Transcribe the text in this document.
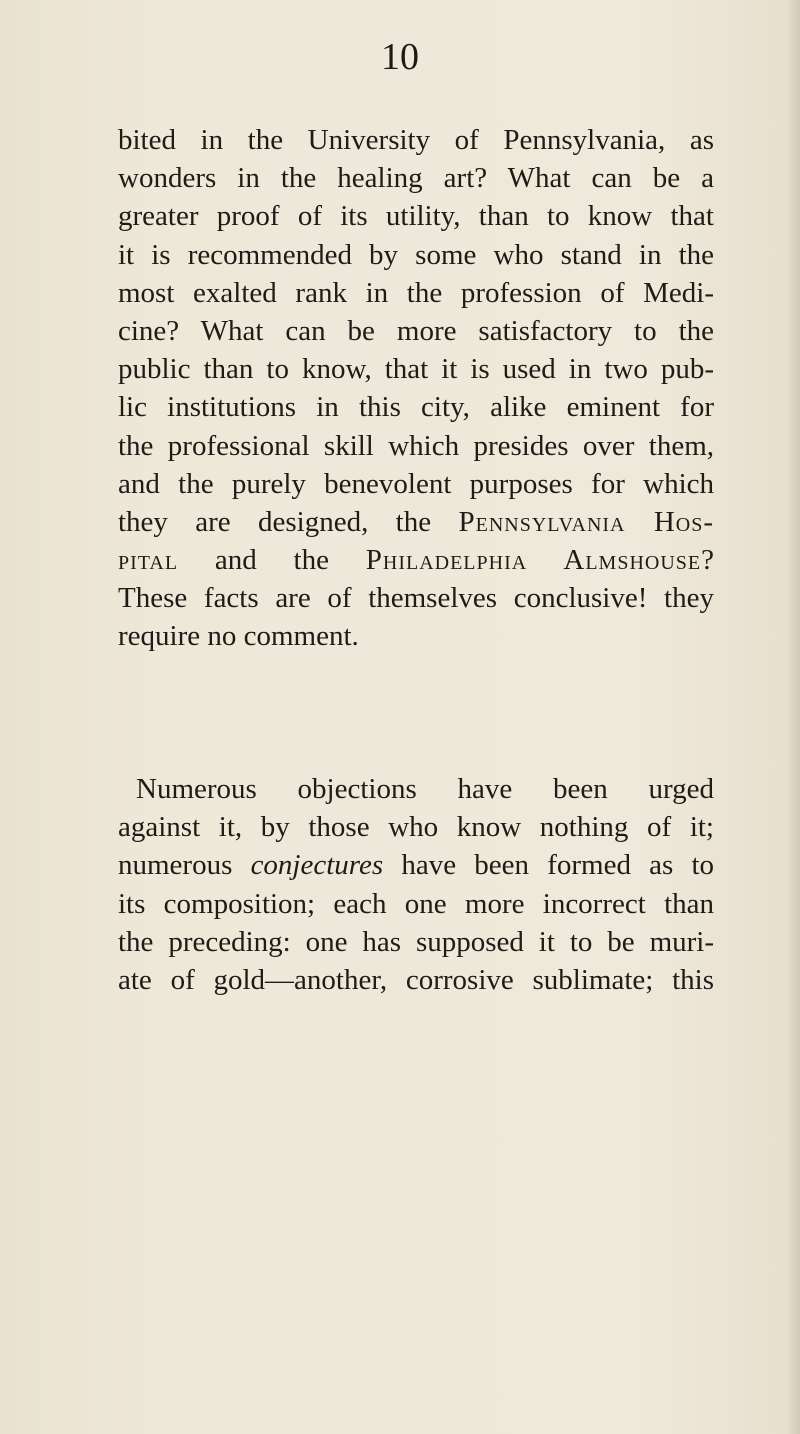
10
bited in the University of Pennsylvania, as
wonders in the healing art? What can be a
greater proof of its utility, than to know that
it is recommended by some who stand in the
most exalted rank in the profession of Medi-
cine? What can be more satisfactory to the
public than to know, that it is used in two pub-
lic institutions in this city, alike eminent for
the professional skill which presides over them,
and the purely benevolent purposes for which
they are designed, the Pennsylvania Hos-
pital and the Philadelphia Almshouse?
These facts are of themselves conclusive! they
require no comment.
Numerous objections have been urged
against it, by those who know nothing of it;
numerous conjectures have been formed as to
its composition; each one more incorrect than
the preceding: one has supposed it to be muri-
ate of gold—another, corrosive sublimate; this
